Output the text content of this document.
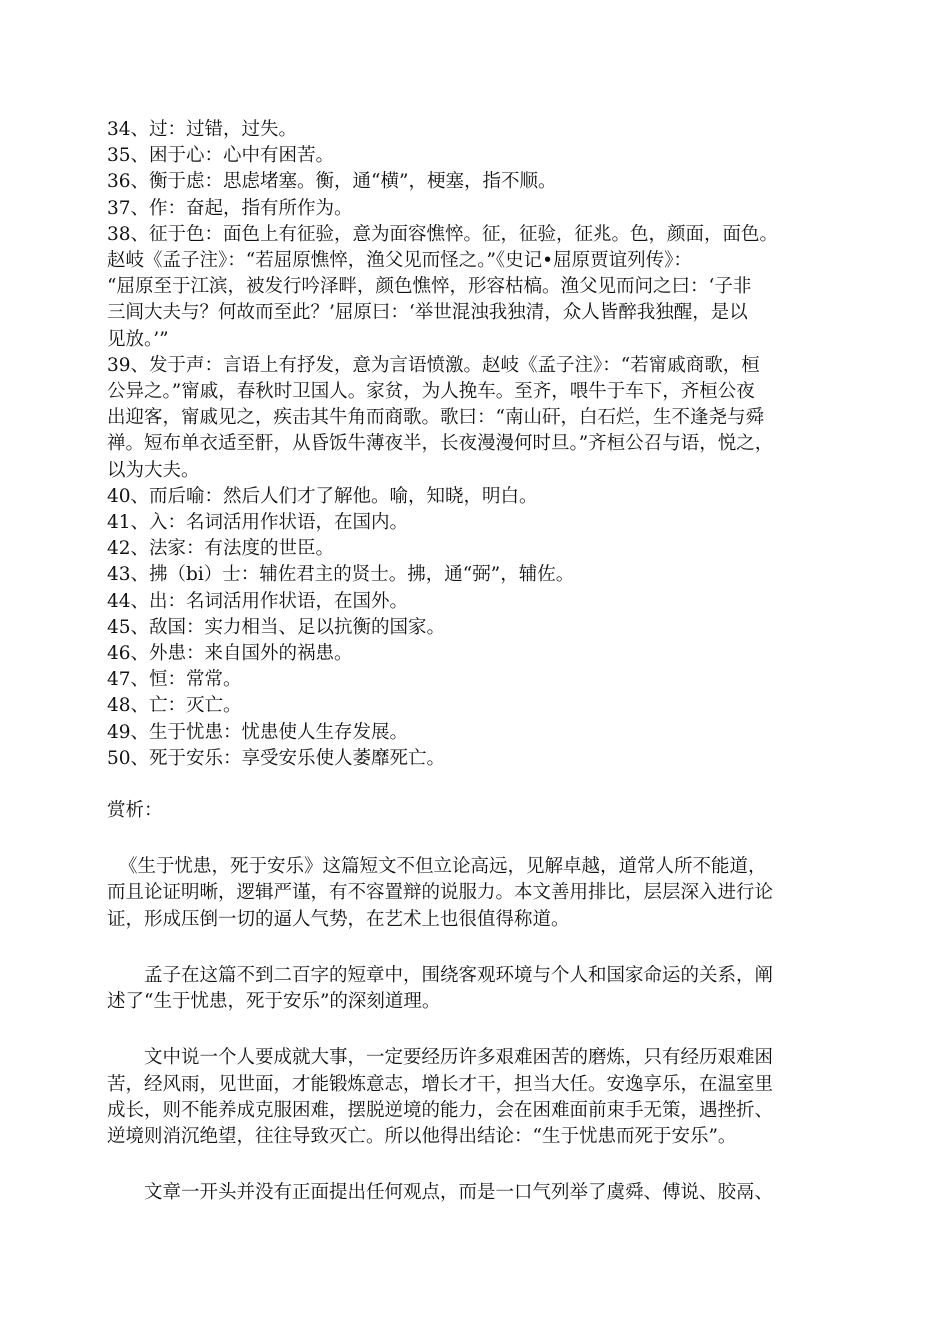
34、过：过错，过失。
35、困于心：心中有困苦。
36、衡于虑：思虑堵塞。衡，通“横”，梗塞，指不顺。
37、作：奋起，指有所作为。
38、征于色：面色上有征验，意为面容憔悴。征，征验，征兆。色，颜面，面色。
赵岐《孟子注》：“若屈原憔悴，渔父见而怪之。”《史记•屈原贾谊列传》：
“屈原至于江滨，被发行吟泽畔，颜色憔悴，形容枯槁。渔父见而问之曰：‘子非
三闾大夫与？何故而至此？’屈原曰：‘举世混浊我独清，众人皆醉我独醒，是以
见放。’”
39、发于声：言语上有抒发，意为言语愤激。赵岐《孟子注》：“若甯戚商歌，桓
公异之。”甯戚，春秋时卫国人。家贫，为人挽车。至齐，喂牛于车下，齐桓公夜
出迎客，甯戚见之，疾击其牛角而商歌。歌曰：“南山矸，白石烂，生不逢尧与舜
禅。短布单衣适至骭，从昏饭牛薄夜半，长夜漫漫何时旦。”齐桓公召与语，悦之，
以为大夫。
40、而后喻：然后人们才了解他。喻，知晓，明白。
41、入：名词活用作状语，在国内。
42、法家：有法度的世臣。
43、拂（bi）士：辅佐君主的贤士。拂，通“弼”，辅佐。
44、出：名词活用作状语，在国外。
45、敌国：实力相当、足以抗衡的国家。
46、外患：来自国外的祸患。
47、恒：常常。
48、亡：灭亡。
49、生于忧患：忧患使人生存发展。
50、死于安乐：享受安乐使人萎靡死亡。
赏析：
《生于忧患，死于安乐》这篇短文不但立论高远，见解卓越，道常人所不能道，
而且论证明晰，逻辑严谨，有不容置辩的说服力。本文善用排比，层层深入进行论
证，形成压倒一切的逼人气势，在艺术上也很值得称道。
孟子在这篇不到二百字的短章中，围绕客观环境与个人和国家命运的关系，阐
述了“生于忧患，死于安乐”的深刻道理。
文中说一个人要成就大事，一定要经历许多艰难困苦的磨炼，只有经历艰难困
苦，经风雨，见世面，才能锻炼意志，增长才干，担当大任。安逸享乐，在温室里
成长，则不能养成克服困难，摆脱逆境的能力，会在困难面前束手无策，遇挫折、
逆境则消沉绝望，往往导致灭亡。所以他得出结论：“生于忧患而死于安乐”。
文章一开头并没有正面提出任何观点，而是一口气列举了虞舜、傅说、胶鬲、
